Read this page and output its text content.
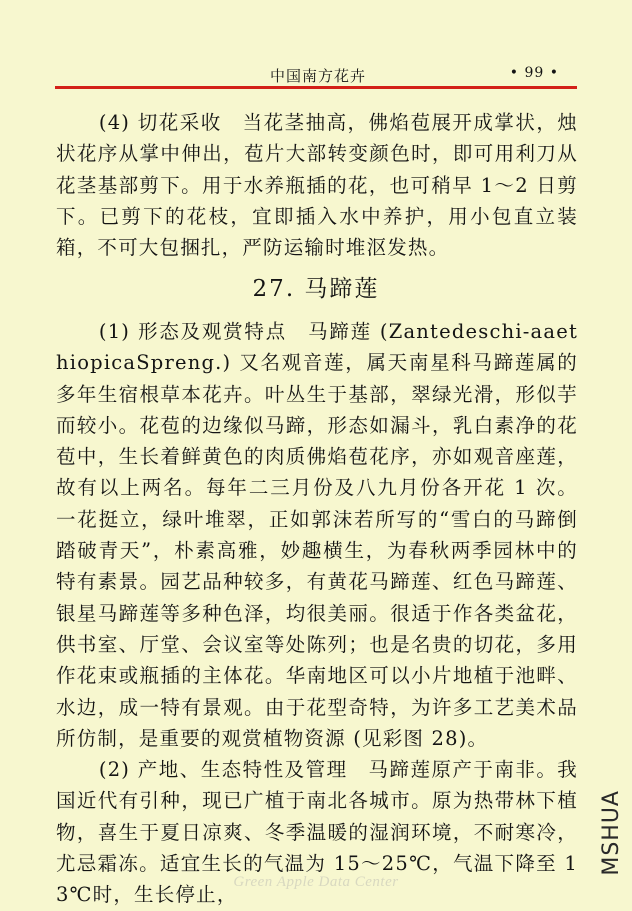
中国南方花卉	• 99 •

(4) 切花采收　当花茎抽高，佛焰苞展开成掌状，烛状花序从掌中伸出，苞片大部转变颜色时，即可用利刀从花茎基部剪下。用于水养瓶插的花，也可稍早 1～2 日剪下。已剪下的花枝，宜即插入水中养护，用小包直立装箱，不可大包捆扎，严防运输时堆沤发热。

27. 马蹄莲

(1) 形态及观赏特点　马蹄莲 (Zantedeschi-aaethiopicaSpreng.) 又名观音莲，属天南星科马蹄莲属的多年生宿根草本花卉。叶丛生于基部，翠绿光滑，形似芋而较小。花苞的边缘似马蹄，形态如漏斗，乳白素净的花苞中，生长着鲜黄色的肉质佛焰苞花序，亦如观音座莲，故有以上两名。每年二三月份及八九月份各开花 1 次。一花挺立，绿叶堆翠，正如郭沫若所写的“雪白的马蹄倒踏破青天”，朴素高雅，妙趣横生，为春秋两季园林中的特有素景。园艺品种较多，有黄花马蹄莲、红色马蹄莲、银星马蹄莲等多种色泽，均很美丽。很适于作各类盆花，供书室、厅堂、会议室等处陈列；也是名贵的切花，多用作花束或瓶插的主体花。华南地区可以小片地植于池畔、水边，成一特有景观。由于花型奇特，为许多工艺美术品所仿制，是重要的观赏植物资源 (见彩图 28)。

(2) 产地、生态特性及管理　马蹄莲原产于南非。我国近代有引种，现已广植于南北各城市。原为热带林下植物，喜生于夏日凉爽、冬季温暖的湿润环境，不耐寒冷，尤忌霜冻。适宜生长的气温为 15～25℃，气温下降至 13℃时，生长停止，

MSHUA
Green Apple Data Center
